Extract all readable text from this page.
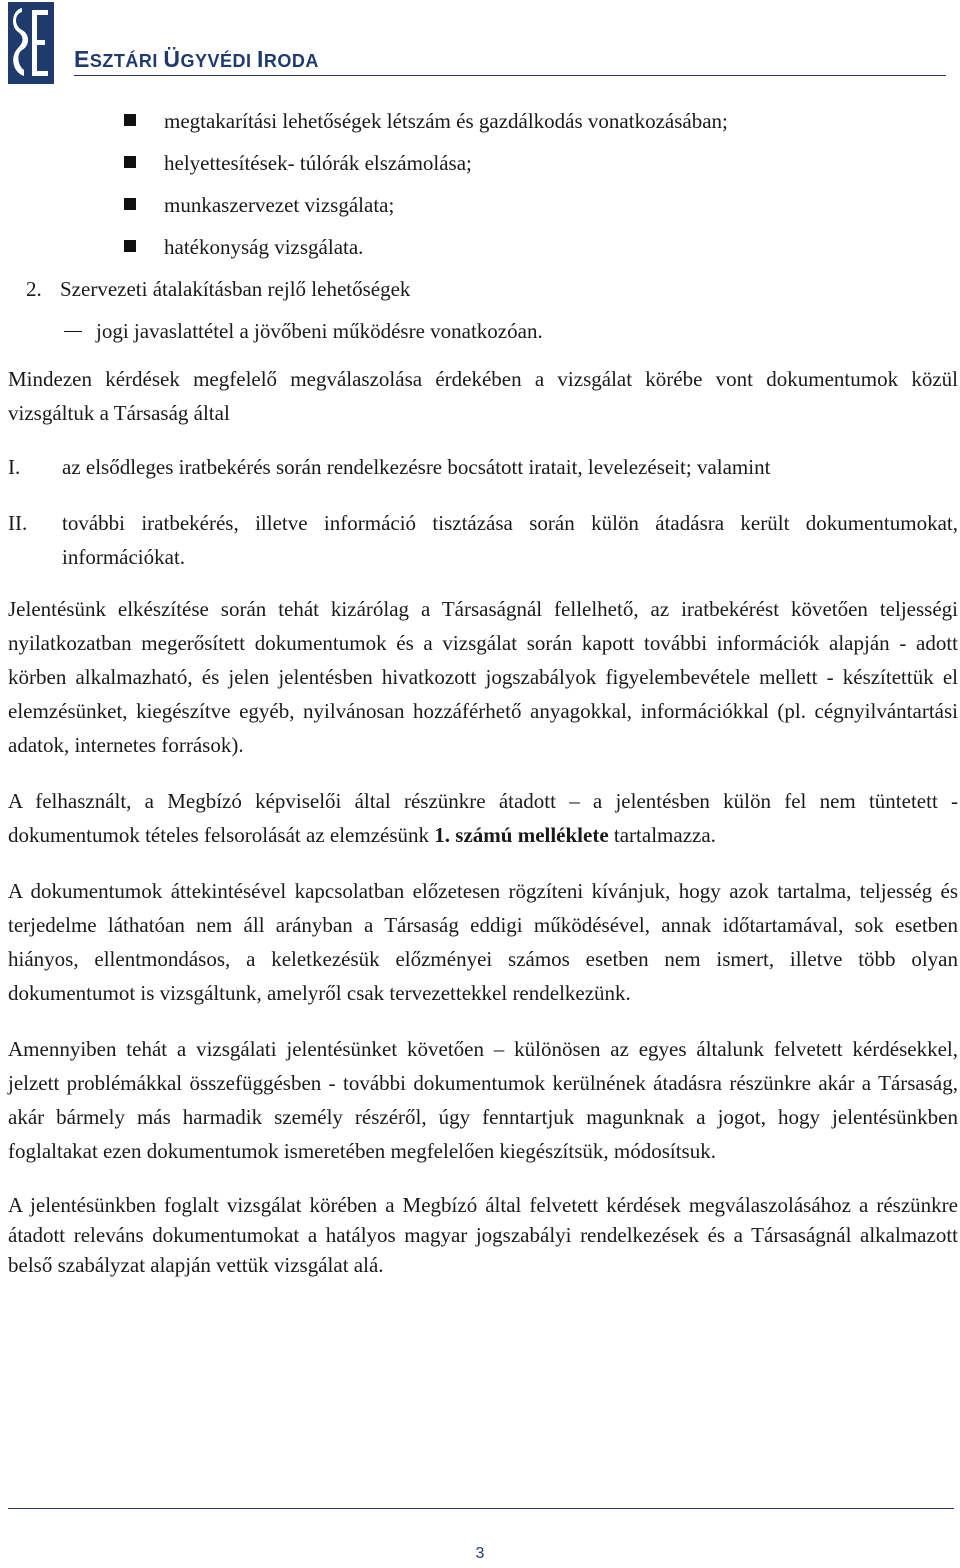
ESZTÁRI ÜGYVÉDI IRODA
megtakarítási lehetőségek létszám és gazdálkodás vonatkozásában;
helyettesítések- túlórák elszámolása;
munkaszervezet vizsgálata;
hatékonyság vizsgálata.
2. Szervezeti átalakításban rejlő lehetőségek
jogi javaslattétel a jövőbeni működésre vonatkozóan.

Mindezen kérdések megfelelő megválaszolása érdekében a vizsgálat körébe vont dokumentumok közül vizsgáltuk a Társaság által

I. az elsődleges iratbekérés során rendelkezésre bocsátott iratait, levelezéseit; valamint
II. további iratbekérés, illetve információ tisztázása során külön átadásra került dokumentumokat, információkat.

Jelentésünk elkészítése során tehát kizárólag a Társaságnál fellelhető, az iratbekérést követően teljességi nyilatkozatban megerősített dokumentumok és a vizsgálat során kapott további információk alapján - adott körben alkalmazható, és jelen jelentésben hivatkozott jogszabályok figyelembevétele mellett - készítettük el elemzésünket, kiegészítve egyéb, nyilvánosan hozzáférhető anyagokkal, információkkal (pl. cégnyilvántartási adatok, internetes források).

A felhasznált, a Megbízó képviselői által részünkre átadott – a jelentésben külön fel nem tüntetett - dokumentumok tételes felsorolását az elemzésünk 1. számú melléklete tartalmazza.

A dokumentumok áttekintésével kapcsolatban előzetesen rögzíteni kívánjuk, hogy azok tartalma, teljesség és terjedelme láthatóan nem áll arányban a Társaság eddigi működésével, annak időtartamával, sok esetben hiányos, ellentmondásos, a keletkezésük előzményei számos esetben nem ismert, illetve több olyan dokumentumot is vizsgáltunk, amelyről csak tervezettekkel rendelkezünk.

Amennyiben tehát a vizsgálati jelentésünket követően – különösen az egyes általunk felvetett kérdésekkel, jelzett problémákkal összefüggésben - további dokumentumok kerülnének átadásra részünkre akár a Társaság, akár bármely más harmadik személy részéről, úgy fenntartjuk magunknak a jogot, hogy jelentésünkben foglaltakat ezen dokumentumok ismeretében megfelelően kiegészítsük, módosítsuk.

A jelentésünkben foglalt vizsgálat körében a Megbízó által felvetett kérdések megválaszolásához a részünkre átadott releváns dokumentumokat a hatályos magyar jogszabályi rendelkezések és a Társaságnál alkalmazott belső szabályzat alapján vettük vizsgálat alá.

3
